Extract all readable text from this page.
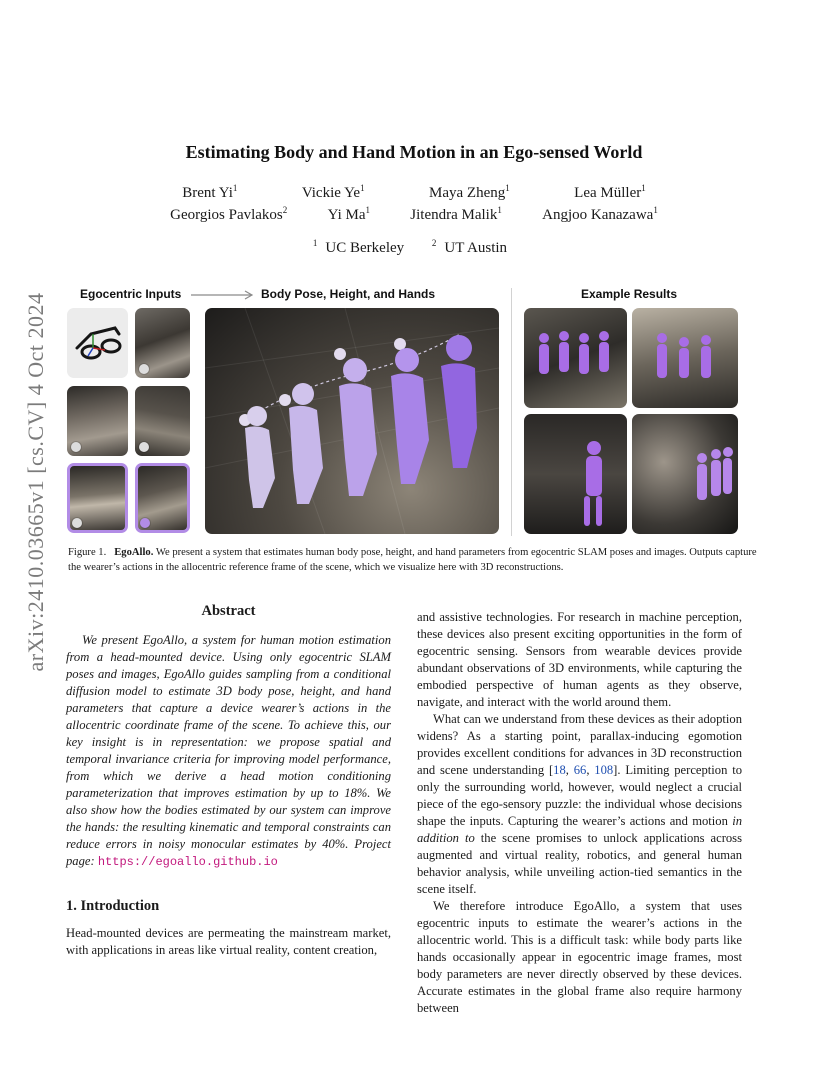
arXiv:2410.03665v1 [cs.CV] 4 Oct 2024
Estimating Body and Hand Motion in an Ego-sensed World
Brent Yi$^1$	Vickie Ye$^1$	Maya Zheng$^1$	Lea Müller$^1$
Georgios Pavlakos$^2$	Yi Ma$^1$	Jitendra Malik$^1$	Angjoo Kanazawa$^1$
$^1$ UC Berkeley	$^2$ UT Austin
Egocentric Inputs	Body Pose, Height, and Hands	Example Results
Figure 1. EgoAllo. We present a system that estimates human body pose, height, and hand parameters from egocentric SLAM poses and images. Outputs capture the wearer’s actions in the allocentric reference frame of the scene, which we visualize here with 3D reconstructions.
Abstract

We present EgoAllo, a system for human motion estimation from a head-mounted device. Using only egocentric SLAM poses and images, EgoAllo guides sampling from a conditional diffusion model to estimate 3D body pose, height, and hand parameters that capture a device wearer’s actions in the allocentric coordinate frame of the scene. To achieve this, our key insight is in representation: we propose spatial and temporal invariance criteria for improving model performance, from which we derive a head motion conditioning parameterization that improves estimation by up to 18%. We also show how the bodies estimated by our system can improve the hands: the resulting kinematic and temporal constraints can reduce errors in noisy monocular estimates by 40%. Project page: https://egoallo.github.io

1. Introduction

Head-mounted devices are permeating the mainstream market, with applications in areas like virtual reality, content creation,

and assistive technologies. For research in machine perception, these devices also present exciting opportunities in the form of egocentric sensing. Sensors from wearable devices provide abundant observations of 3D environments, while capturing the embodied perspective of human agents as they observe, navigate, and interact with the world around them.

What can we understand from these devices as their adoption widens? As a starting point, parallax-inducing egomotion provides excellent conditions for advances in 3D reconstruction and scene understanding [18, 66, 108]. Limiting perception to only the surrounding world, however, would neglect a crucial piece of the ego-sensory puzzle: the individual whose decisions shape the inputs. Capturing the wearer’s actions and motion in addition to the scene promises to unlock applications across augmented and virtual reality, robotics, and general human behavior analysis, while unveiling action-tied semantics in the scene itself.

We therefore introduce EgoAllo, a system that uses egocentric inputs to estimate the wearer’s actions in the allocentric world. This is a difficult task: while body parts like hands occasionally appear in egocentric image frames, most body parameters are never directly observed by these devices. Accurate estimates in the global frame also require harmony between
